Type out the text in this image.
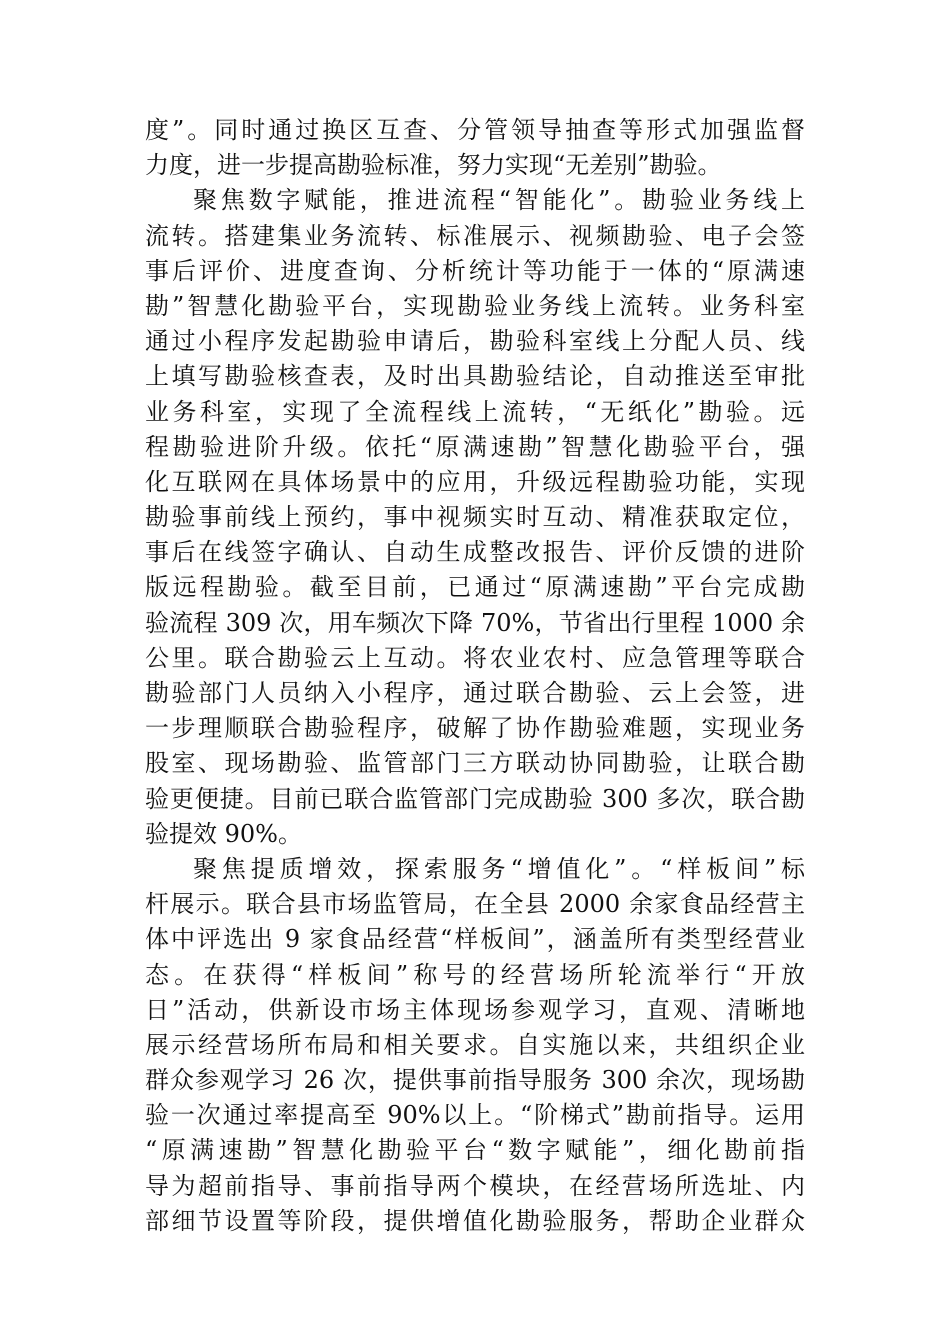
度”。同时通过换区互查、分管领导抽查等形式加强监督
力度，进一步提高勘验标准，努力实现“无差别”勘验。
聚焦数字赋能，推进流程“智能化”。勘验业务线上
流转。搭建集业务流转、标准展示、视频勘验、电子会签
事后评价、进度查询、分析统计等功能于一体的“原满速
勘”智慧化勘验平台，实现勘验业务线上流转。业务科室
通过小程序发起勘验申请后，勘验科室线上分配人员、线
上填写勘验核查表，及时出具勘验结论，自动推送至审批
业务科室，实现了全流程线上流转，“无纸化”勘验。远
程勘验进阶升级。依托“原满速勘”智慧化勘验平台，强
化互联网在具体场景中的应用，升级远程勘验功能，实现
勘验事前线上预约，事中视频实时互动、精准获取定位，
事后在线签字确认、自动生成整改报告、评价反馈的进阶
版远程勘验。截至目前，已通过“原满速勘”平台完成勘
验流程 309 次，用车频次下降 70%，节省出行里程 1000 余
公里。联合勘验云上互动。将农业农村、应急管理等联合
勘验部门人员纳入小程序，通过联合勘验、云上会签，进
一步理顺联合勘验程序，破解了协作勘验难题，实现业务
股室、现场勘验、监管部门三方联动协同勘验，让联合勘
验更便捷。目前已联合监管部门完成勘验 300 多次，联合勘
验提效 90%。
聚焦提质增效，探索服务“增值化”。“样板间”标
杆展示。联合县市场监管局，在全县 2000 余家食品经营主
体中评选出 9 家食品经营“样板间”，涵盖所有类型经营业
态。在获得“样板间”称号的经营场所轮流举行“开放
日”活动，供新设市场主体现场参观学习，直观、清晰地
展示经营场所布局和相关要求。自实施以来，共组织企业
群众参观学习 26 次，提供事前指导服务 300 余次，现场勘
验一次通过率提高至 90%以上。“阶梯式”勘前指导。运用
“原满速勘”智慧化勘验平台“数字赋能”，细化勘前指
导为超前指导、事前指导两个模块，在经营场所选址、内
部细节设置等阶段，提供增值化勘验服务，帮助企业群众
